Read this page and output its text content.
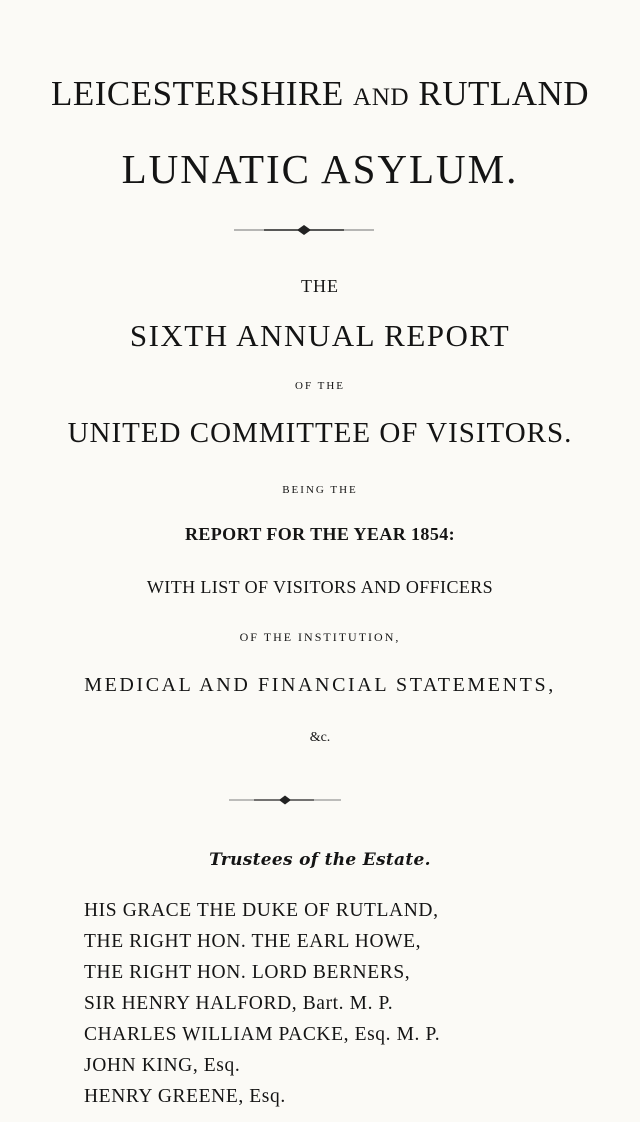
LEICESTERSHIRE AND RUTLAND
LUNATIC ASYLUM.
THE
SIXTH ANNUAL REPORT
OF THE
UNITED COMMITTEE OF VISITORS.
BEING THE
REPORT FOR THE YEAR 1854:
WITH LIST OF VISITORS AND OFFICERS
OF THE INSTITUTION,
MEDICAL AND FINANCIAL STATEMENTS,
&c.
Trustees of the Estate.
HIS GRACE THE DUKE OF RUTLAND,
THE RIGHT HON. THE EARL HOWE,
THE RIGHT HON. LORD BERNERS,
SIR HENRY HALFORD, Bart. M. P.
CHARLES WILLIAM PACKE, Esq. M. P.
JOHN KING, Esq.
HENRY GREENE, Esq.
